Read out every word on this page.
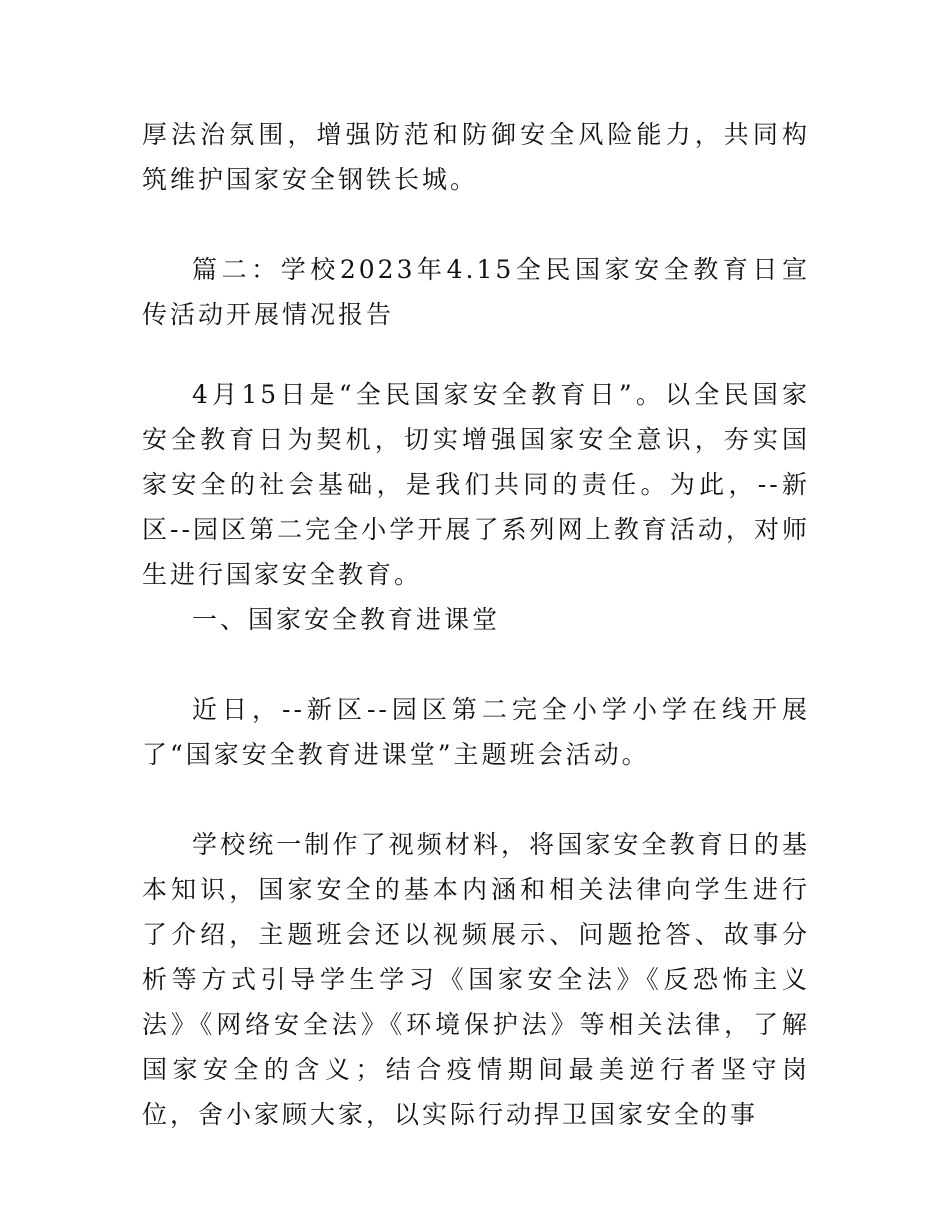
厚法治氛围，增强防范和防御安全风险能力，共同构筑维护国家安全钢铁长城。

篇二：学校2023年4.15全民国家安全教育日宣传活动开展情况报告

4月15日是“全民国家安全教育日”。以全民国家安全教育日为契机，切实增强国家安全意识，夯实国家安全的社会基础，是我们共同的责任。为此，--新区--园区第二完全小学开展了系列网上教育活动，对师生进行国家安全教育。

一、国家安全教育进课堂

近日，--新区--园区第二完全小学小学在线开展了“国家安全教育进课堂”主题班会活动。

学校统一制作了视频材料，将国家安全教育日的基本知识，国家安全的基本内涵和相关法律向学生进行了介绍，主题班会还以视频展示、问题抢答、故事分析等方式引导学生学习《国家安全法》《反恐怖主义法》《网络安全法》《环境保护法》等相关法律，了解国家安全的含义；结合疫情期间最美逆行者坚守岗位，舍小家顾大家，以实际行动捍卫国家安全的事
